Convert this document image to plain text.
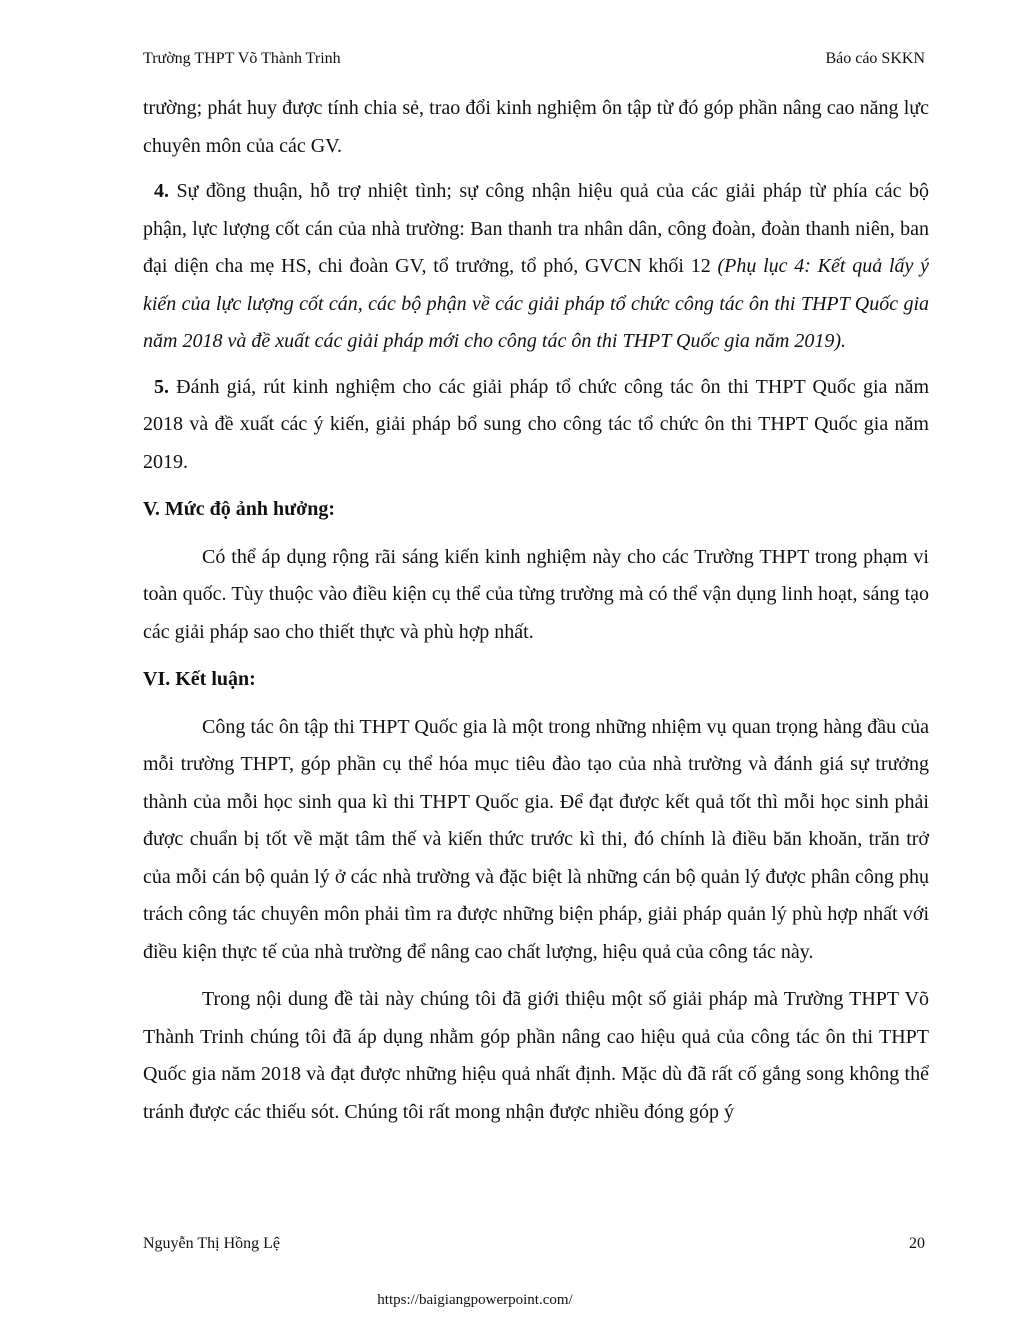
Trường THPT Võ Thành Trinh	Báo cáo SKKN

trường; phát huy được tính chia sẻ, trao đổi kinh nghiệm ôn tập từ đó góp phần nâng cao năng lực chuyên môn của các GV.

4. Sự đồng thuận, hỗ trợ nhiệt tình; sự công nhận hiệu quả của các giải pháp từ phía các bộ phận, lực lượng cốt cán của nhà trường: Ban thanh tra nhân dân, công đoàn, đoàn thanh niên, ban đại diện cha mẹ HS, chi đoàn GV, tổ trưởng, tổ phó, GVCN khối 12 (Phụ lục 4: Kết quả lấy ý kiến của lực lượng cốt cán, các bộ phận về các giải pháp tổ chức công tác ôn thi THPT Quốc gia năm 2018 và đề xuất các giải pháp mới cho công tác ôn thi THPT Quốc gia năm 2019).

5. Đánh giá, rút kinh nghiệm cho các giải pháp tổ chức công tác ôn thi THPT Quốc gia năm 2018 và đề xuất các ý kiến, giải pháp bổ sung cho công tác tổ chức ôn thi THPT Quốc gia năm 2019.

V. Mức độ ảnh hưởng:

Có thể áp dụng rộng rãi sáng kiến kinh nghiệm này cho các Trường THPT trong phạm vi toàn quốc. Tùy thuộc vào điều kiện cụ thể của từng trường mà có thể vận dụng linh hoạt, sáng tạo các giải pháp sao cho thiết thực và phù hợp nhất.

VI. Kết luận:

Công tác ôn tập thi THPT Quốc gia là một trong những nhiệm vụ quan trọng hàng đầu của mỗi trường THPT, góp phần cụ thể hóa mục tiêu đào tạo của nhà trường và đánh giá sự trưởng thành của mỗi học sinh qua kì thi THPT Quốc gia. Để đạt được kết quả tốt thì mỗi học sinh phải được chuẩn bị tốt về mặt tâm thế và kiến thức trước kì thi, đó chính là điều băn khoăn, trăn trở của mỗi cán bộ quản lý ở các nhà trường và đặc biệt là những cán bộ quản lý được phân công phụ trách công tác chuyên môn phải tìm ra được những biện pháp, giải pháp quản lý phù hợp nhất với điều kiện thực tế của nhà trường để nâng cao chất lượng, hiệu quả của công tác này.

Trong nội dung đề tài này chúng tôi đã giới thiệu một số giải pháp mà Trường THPT Võ Thành Trinh chúng tôi đã áp dụng nhằm góp phần nâng cao hiệu quả của công tác ôn thi THPT Quốc gia năm 2018 và đạt được những hiệu quả nhất định. Mặc dù đã rất cố gắng song không thể tránh được các thiếu sót. Chúng tôi rất mong nhận được nhiều đóng góp ý

Nguyễn Thị Hồng Lệ	20
https://baigiangpowerpoint.com/
